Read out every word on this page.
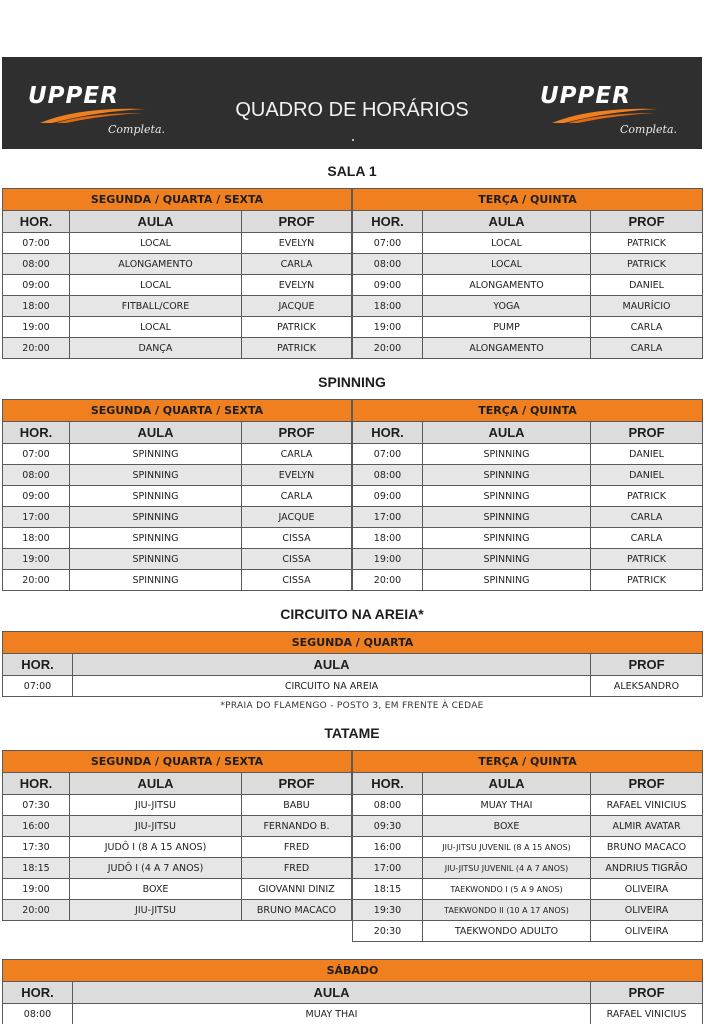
UPPER
Completa.
QUADRO DE HORÁRIOS
UPPER
Completa.
SALA 1
SEGUNDA / QUARTA / SEXTA		
HOR.	AULA	PROF
07:00	LOCAL	EVELYN
08:00	ALONGAMENTO	CARLA
09:00	LOCAL	EVELYN
18:00	FITBALL/CORE	JACQUE
19:00	LOCAL	PATRICK
20:00	DANÇA	PATRICK
TERÇA / QUINTA		
HOR.	AULA	PROF
07:00	LOCAL	PATRICK
08:00	LOCAL	PATRICK
09:00	ALONGAMENTO	DANIEL
18:00	YOGA	MAURÍCIO
19:00	PUMP	CARLA
20:00	ALONGAMENTO	CARLA
SPINNING
SEGUNDA / QUARTA / SEXTA		
HOR.	AULA	PROF
07:00	SPINNING	CARLA
08:00	SPINNING	EVELYN
09:00	SPINNING	CARLA
17:00	SPINNING	JACQUE
18:00	SPINNING	CISSA
19:00	SPINNING	CISSA
20:00	SPINNING	CISSA
TERÇA / QUINTA		
HOR.	AULA	PROF
07:00	SPINNING	DANIEL
08:00	SPINNING	DANIEL
09:00	SPINNING	PATRICK
17:00	SPINNING	CARLA
18:00	SPINNING	CARLA
19:00	SPINNING	PATRICK
20:00	SPINNING	PATRICK
CIRCUITO NA AREIA*
SEGUNDA / QUARTA		
HOR.	AULA	PROF
07:00	CIRCUITO NA AREIA	ALEKSANDRO
*PRAIA DO FLAMENGO - POSTO 3, EM FRENTE À CEDAE
TATAME
SEGUNDA / QUARTA / SEXTA		
HOR.	AULA	PROF
07:30	JIU-JITSU	BABU
16:00	JIU-JITSU	FERNANDO B.
17:30	JUDÔ I (8 A 15 ANOS)	FRED
18:15	JUDÔ I (4 A 7 ANOS)	FRED
19:00	BOXE	GIOVANNI DINIZ
20:00	JIU-JITSU	BRUNO MACACO
TERÇA / QUINTA		
HOR.	AULA	PROF
08:00	MUAY THAI	RAFAEL VINICIUS
09:30	BOXE	ALMIR AVATAR
16:00	JIU-JITSU JUVENIL (8 A 15 ANOS)	BRUNO MACACO
17:00	JIU-JITSU JUVENIL (4 A 7 ANOS)	ANDRIUS TIGRÃO
18:15	TAEKWONDO I (5 A 9 ANOS)	OLIVEIRA
19:30	TAEKWONDO II (10 A 17 ANOS)	OLIVEIRA
20:30	TAEKWONDO ADULTO	OLIVEIRA
SÁBADO		
HOR.	AULA	PROF
08:00	MUAY THAI	RAFAEL VINICIUS
